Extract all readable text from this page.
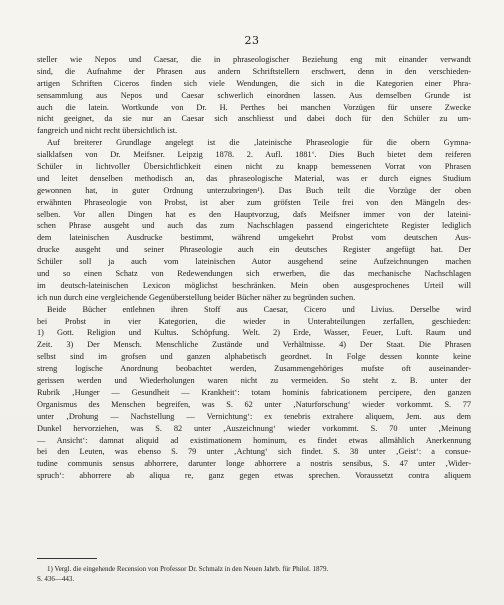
23
steller wie Nepos und Caesar, die in phraseologischer Beziehung eng mit einander verwandt
sind, die Aufnahme der Phrasen aus andern Schriftstellern erschwert, denn in den verschieden-
artigen Schriften Ciceros finden sich viele Wendungen, die sich in die Kategorien einer Phra-
sensammlung aus Nepos und Caesar schwerlich einordnen lassen. Aus demselben Grunde ist
auch die latein. Wortkunde von Dr. H. Perthes bei manchen Vorzügen für unsere Zwecke
nicht geeignet, da sie nur an Caesar sich anschliesst und dabei doch für den Schüler zu um-
fangreich und nicht recht übersichtlich ist.
Auf breiterer Grundlage angelegt ist die ‚lateinische Phraseologie für die obern Gymna-
sialklafsen von Dr. Meifsner. Leipzig 1878. 2. Aufl. 1881‘. Dies Buch bietet dem reiferen
Schüler in lichtvoller Übersichtlichkeit einen nicht zu knapp bemessenen Vorrat von Phrasen
und leitet denselben methodisch an, das phraseologische Material, was er durch eignes Studium
gewonnen hat, in guter Ordnung unterzubringen¹). Das Buch teilt die Vorzüge der oben
erwähnten Phraseologie von Probst, ist aber zum gröfsten Teile frei von den Mängeln des-
selben. Vor allen Dingen hat es den Hauptvorzug, dafs Meifsner immer von der lateini-
schen Phrase ausgeht und auch das zum Nachschlagen passend eingerichtete Register lediglich
dem lateinischen Ausdrucke bestimmt, während umgekehrt Probst vom deutschen Aus-
drucke ausgeht und seiner Phraseologie auch ein deutsches Register angefügt hat. Der
Schüler soll ja auch vom lateinischen Autor ausgehend seine Aufzeichnungen machen
und so einen Schatz von Redewendungen sich erwerben, die das mechanische Nachschlagen
im deutsch-lateinischen Lexicon möglichst beschränken. Mein oben ausgesprochenes Urteil will
ich nun durch eine vergleichende Gegenüberstellung beider Bücher näher zu begründen suchen.
Beide Bücher entlehnen ihren Stoff aus Caesar, Cicero und Livius. Derselbe wird
bei Probst in vier Kategorien, die wieder in Unterabteilungen zerfallen, geschieden:
1) Gott. Religion und Kultus. Schöpfung. Welt. 2) Erde, Wasser, Feuer, Luft. Raum und
Zeit. 3) Der Mensch. Menschliche Zustände und Verhältnisse. 4) Der Staat. Die Phrasen
selbst sind im grofsen und ganzen alphabetisch geordnet. In Folge dessen konnte keine
streng logische Anordnung beobachtet werden, Zusammengehöriges mufste oft auseinander-
gerissen werden und Wiederholungen waren nicht zu vermeiden. So steht z. B. unter der
Rubrik ‚Hunger — Gesundheit — Krankheit‘: totam hominis fabricationem percipere, den ganzen
Organismus des Menschen begreifen, was S. 62 unter ‚Naturforschung‘ wieder vorkommt. S. 77
unter ‚Drohung — Nachstellung — Vernichtung‘: ex tenebris extrahere aliquem, Jem. aus dem
Dunkel hervorziehen, was S. 82 unter ‚Auszeichnung‘ wieder vorkommt. S. 70 unter ‚Meinung
— Ansicht‘: damnat aliquid ad existimationem hominum, es findet etwas allmählich Anerkennung
bei den Leuten, was ebenso S. 79 unter ‚Achtung‘ sich findet. S. 38 unter ‚Geist‘: a consue-
tudine communis sensus abhorrere, darunter longe abhorrere a nostris sensibus, S. 47 unter ‚Wider-
spruch‘: abhorrere ab aliqua re, ganz gegen etwas sprechen. Voraussetzt contra aliquem
1) Vergl. die eingehende Recension von Professor Dr. Schmalz in den Neuen Jahrb. für Philol. 1879.
S. 436—443.
